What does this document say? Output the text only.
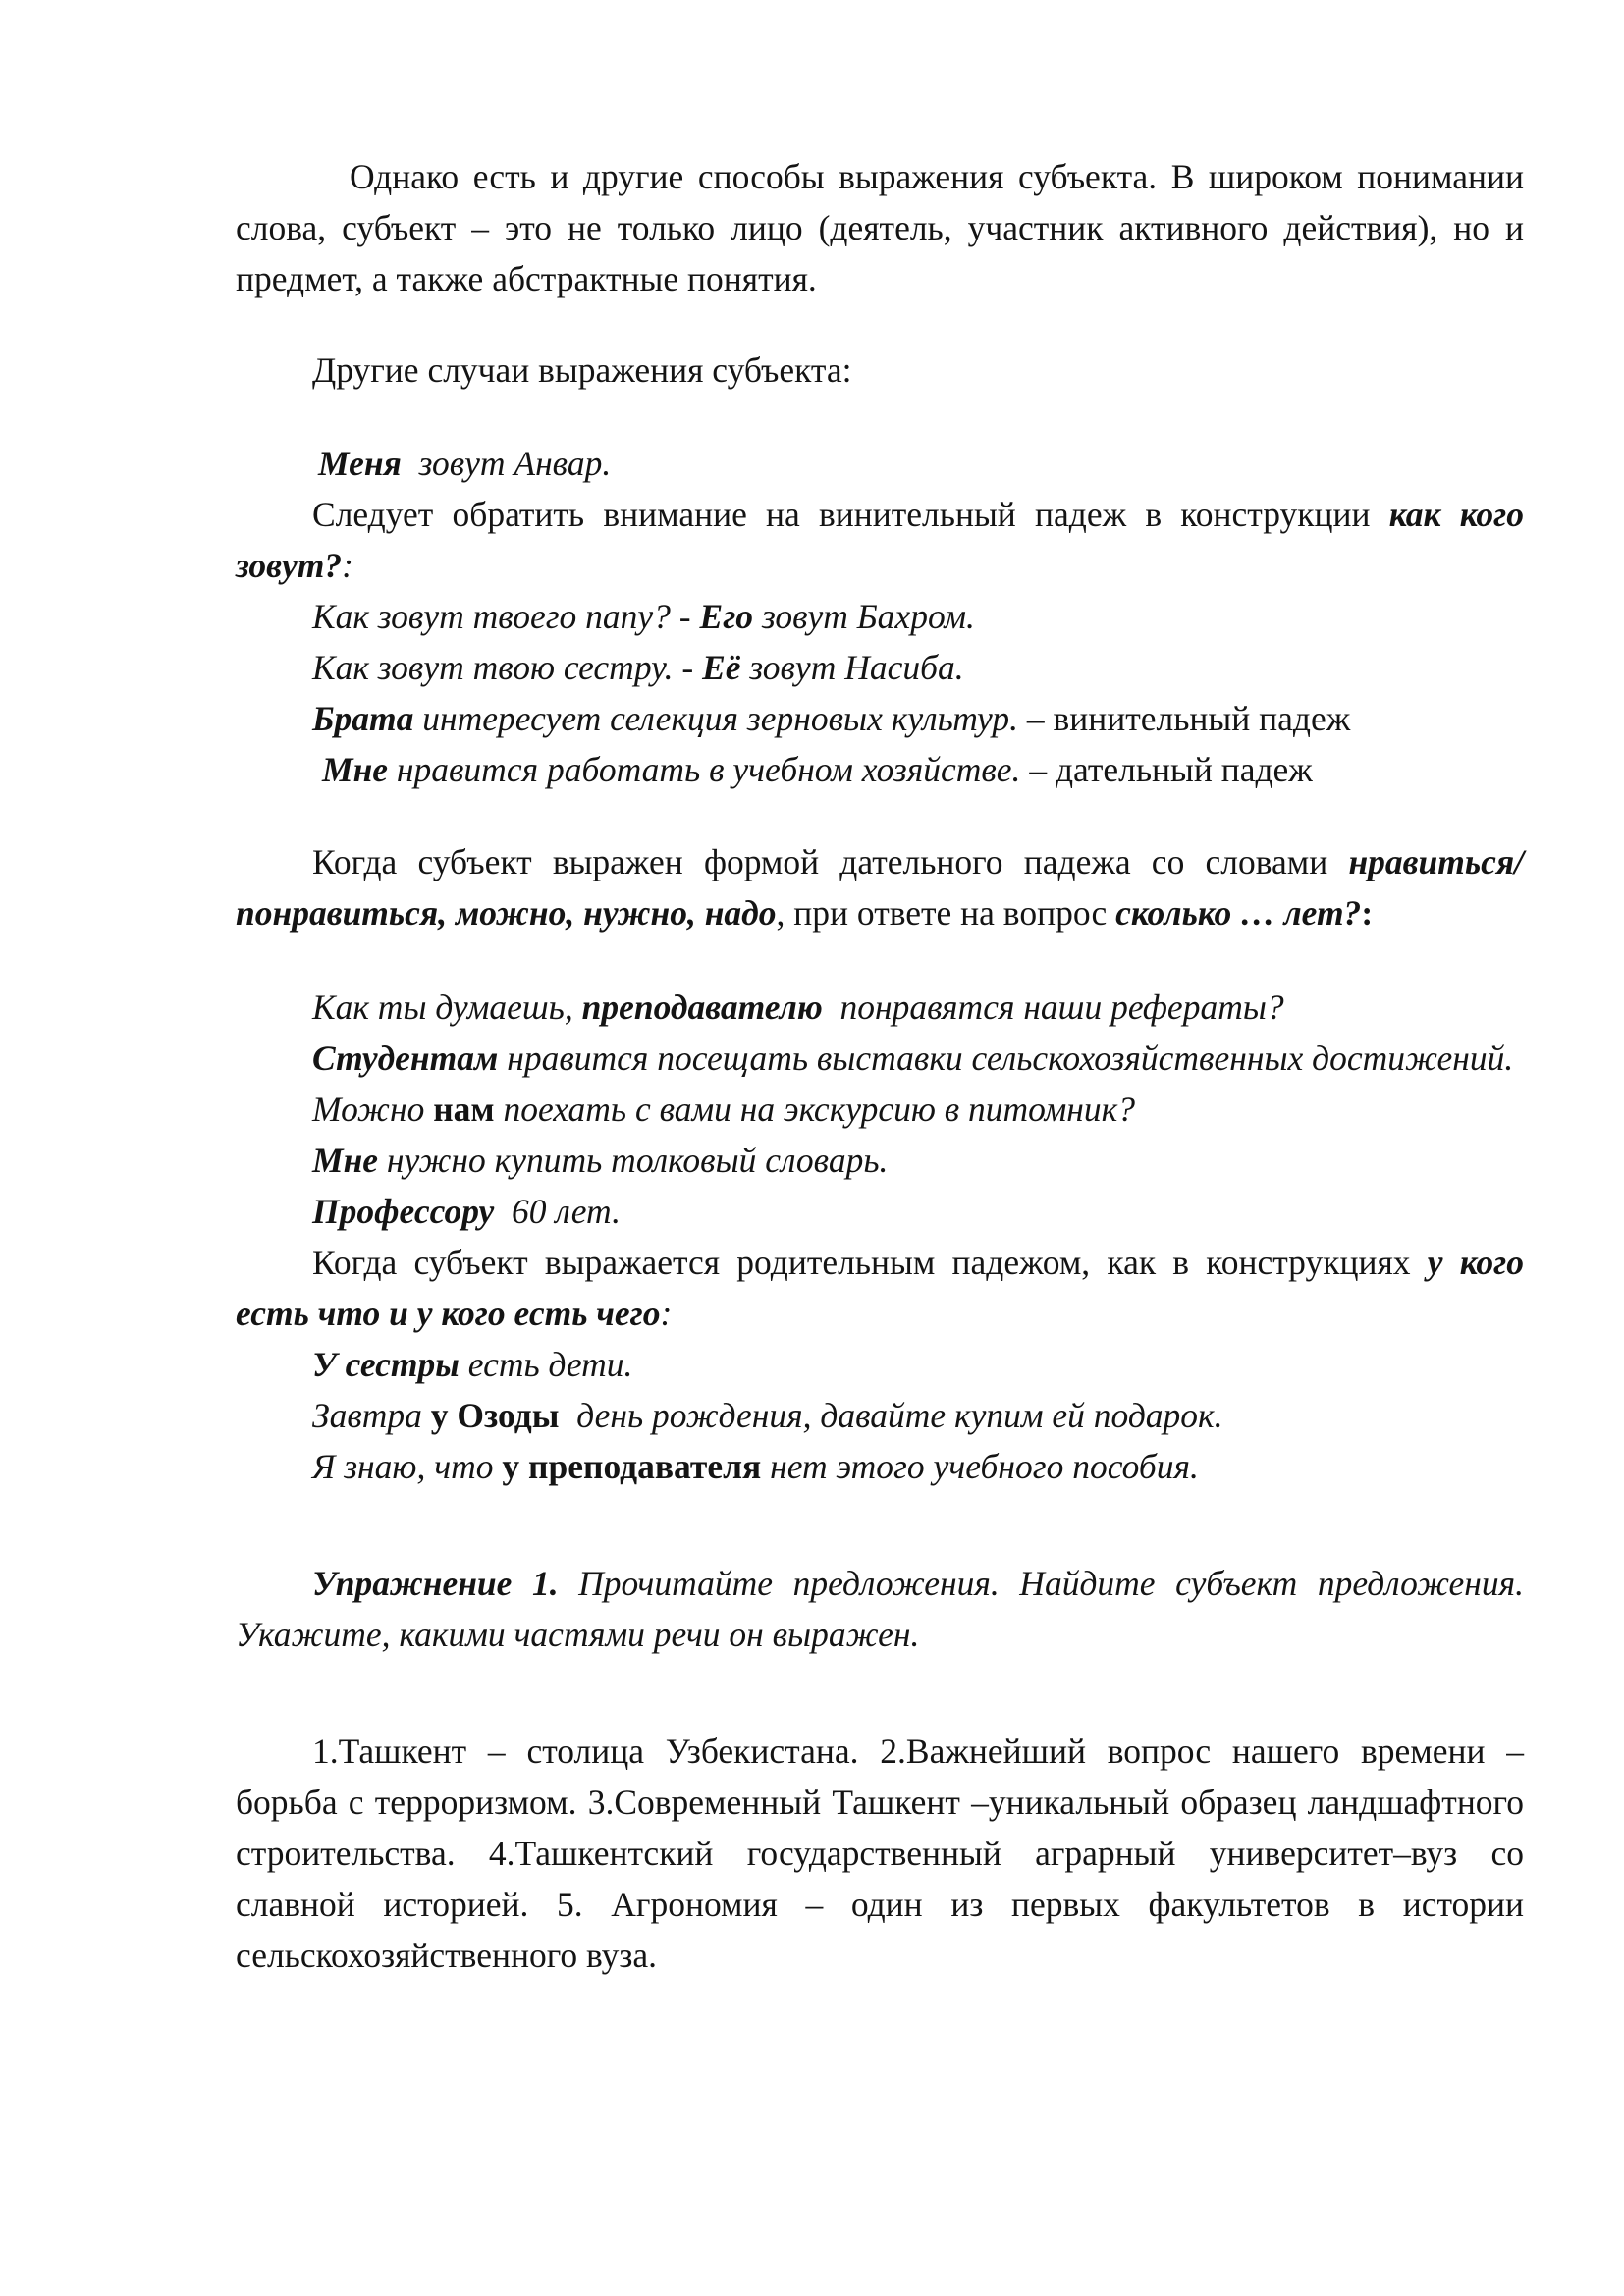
Однако есть и другие способы выражения субъекта. В широком понимании слова, субъект – это не только лицо (деятель, участник активного действия), но и предмет, а также абстрактные понятия.

Другие случаи выражения субъекта:

Меня зовут Анвар.

Следует обратить внимание на винительный падеж в конструкции как кого зовут?:

Как зовут твоего папу? - Его зовут Бахром.

Как зовут твою сестру. - Её зовут Насиба.

Брата интересует селекция зерновых культур. – винительный падеж

Мне нравится работать в учебном хозяйстве. – дательный падеж

Когда субъект выражен формой дательного падежа со словами нравиться/ понравиться, можно, нужно, надо, при ответе на вопрос сколько … лет?:

Как ты думаешь, преподавателю понравятся наши рефераты?

Студентам нравится посещать выставки сельскохозяйственных достижений.

Можно нам поехать с вами на экскурсию в питомник?

Мне нужно купить толковый словарь.

Профессору 60 лет.

Когда субъект выражается родительным падежом, как в конструкциях у кого есть что и у кого есть чего:

У сестры есть дети.

Завтра у Озоды день рождения, давайте купим ей подарок.

Я знаю, что у преподавателя нет этого учебного пособия.

Упражнение 1. Прочитайте предложения. Найдите субъект предложения. Укажите, какими частями речи он выражен.

1.Ташкент – столица Узбекистана. 2.Важнейший вопрос нашего времени – борьба с терроризмом. 3.Современный Ташкент –уникальный образец ландшафтного строительства. 4.Ташкентский государственный аграрный университет–вуз со славной историей. 5. Агрономия – один из первых факультетов в истории сельскохозяйственного вуза.
